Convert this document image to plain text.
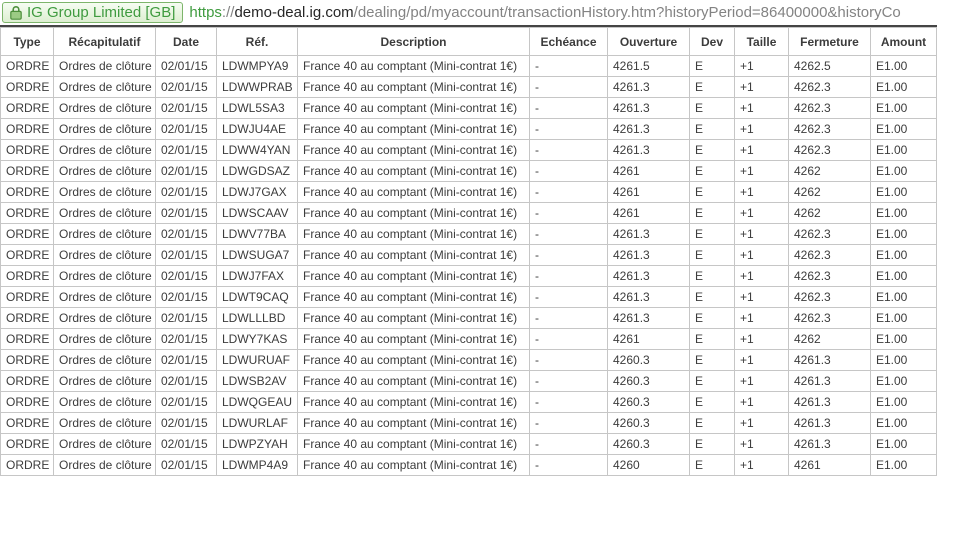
IG Group Limited [GB] https://demo-deal.ig.com/dealing/pd/myaccount/transactionHistory.htm?historyPeriod=86400000&historyCo
Type	Récapitulatif	Date	Réf.	Description	Echéance	Ouverture	Dev	Taille	Fermeture	Amount
ORDRE	Ordres de clôture	02/01/15	LDWMPYA9	France 40 au comptant (Mini-contrat 1€)	-	4261.5	E	+1	4262.5	E1.00
ORDRE	Ordres de clôture	02/01/15	LDWWPRAB	France 40 au comptant (Mini-contrat 1€)	-	4261.3	E	+1	4262.3	E1.00
ORDRE	Ordres de clôture	02/01/15	LDWL5SA3	France 40 au comptant (Mini-contrat 1€)	-	4261.3	E	+1	4262.3	E1.00
ORDRE	Ordres de clôture	02/01/15	LDWJU4AE	France 40 au comptant (Mini-contrat 1€)	-	4261.3	E	+1	4262.3	E1.00
ORDRE	Ordres de clôture	02/01/15	LDWW4YAN	France 40 au comptant (Mini-contrat 1€)	-	4261.3	E	+1	4262.3	E1.00
ORDRE	Ordres de clôture	02/01/15	LDWGDSAZ	France 40 au comptant (Mini-contrat 1€)	-	4261	E	+1	4262	E1.00
ORDRE	Ordres de clôture	02/01/15	LDWJ7GAX	France 40 au comptant (Mini-contrat 1€)	-	4261	E	+1	4262	E1.00
ORDRE	Ordres de clôture	02/01/15	LDWSCAAV	France 40 au comptant (Mini-contrat 1€)	-	4261	E	+1	4262	E1.00
ORDRE	Ordres de clôture	02/01/15	LDWV77BA	France 40 au comptant (Mini-contrat 1€)	-	4261.3	E	+1	4262.3	E1.00
ORDRE	Ordres de clôture	02/01/15	LDWSUGA7	France 40 au comptant (Mini-contrat 1€)	-	4261.3	E	+1	4262.3	E1.00
ORDRE	Ordres de clôture	02/01/15	LDWJ7FAX	France 40 au comptant (Mini-contrat 1€)	-	4261.3	E	+1	4262.3	E1.00
ORDRE	Ordres de clôture	02/01/15	LDWT9CAQ	France 40 au comptant (Mini-contrat 1€)	-	4261.3	E	+1	4262.3	E1.00
ORDRE	Ordres de clôture	02/01/15	LDWLLLBD	France 40 au comptant (Mini-contrat 1€)	-	4261.3	E	+1	4262.3	E1.00
ORDRE	Ordres de clôture	02/01/15	LDWY7KAS	France 40 au comptant (Mini-contrat 1€)	-	4261	E	+1	4262	E1.00
ORDRE	Ordres de clôture	02/01/15	LDWURUAF	France 40 au comptant (Mini-contrat 1€)	-	4260.3	E	+1	4261.3	E1.00
ORDRE	Ordres de clôture	02/01/15	LDWSB2AV	France 40 au comptant (Mini-contrat 1€)	-	4260.3	E	+1	4261.3	E1.00
ORDRE	Ordres de clôture	02/01/15	LDWQGEAU	France 40 au comptant (Mini-contrat 1€)	-	4260.3	E	+1	4261.3	E1.00
ORDRE	Ordres de clôture	02/01/15	LDWURLAF	France 40 au comptant (Mini-contrat 1€)	-	4260.3	E	+1	4261.3	E1.00
ORDRE	Ordres de clôture	02/01/15	LDWPZYAH	France 40 au comptant (Mini-contrat 1€)	-	4260.3	E	+1	4261.3	E1.00
ORDRE	Ordres de clôture	02/01/15	LDWMP4A9	France 40 au comptant (Mini-contrat 1€)	-	4260	E	+1	4261	E1.00
